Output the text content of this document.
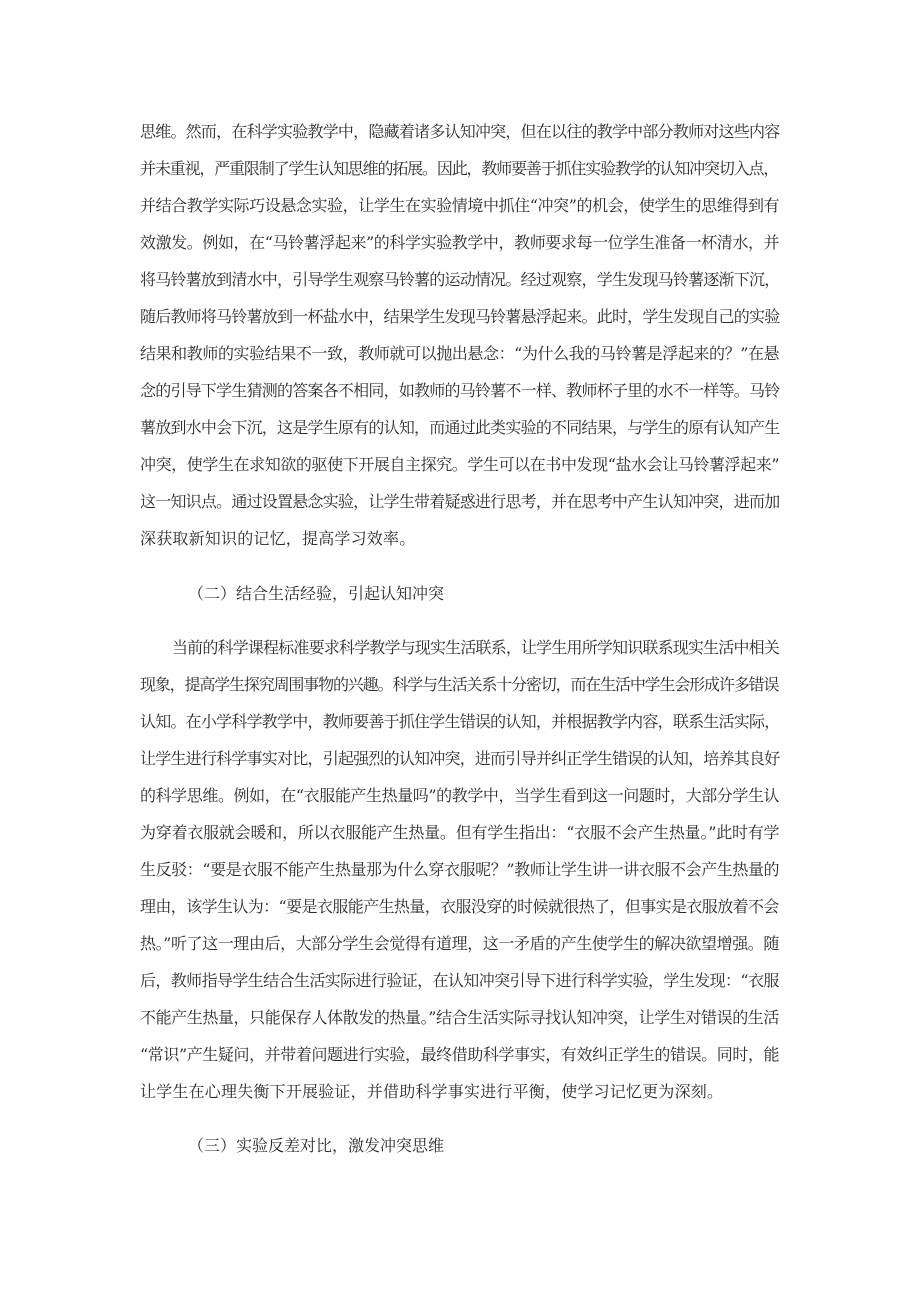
思维。然而，在科学实验教学中，隐藏着诸多认知冲突，但在以往的教学中部分教师对这些内容
并未重视，严重限制了学生认知思维的拓展。因此，教师要善于抓住实验教学的认知冲突切入点，
并结合教学实际巧设悬念实验，让学生在实验情境中抓住“冲突”的机会，使学生的思维得到有
效激发。例如，在“马铃薯浮起来”的科学实验教学中，教师要求每一位学生准备一杯清水，并
将马铃薯放到清水中，引导学生观察马铃薯的运动情况。经过观察，学生发现马铃薯逐渐下沉，
随后教师将马铃薯放到一杯盐水中，结果学生发现马铃薯悬浮起来。此时，学生发现自己的实验
结果和教师的实验结果不一致，教师就可以抛出悬念：“为什么我的马铃薯是浮起来的？”在悬
念的引导下学生猜测的答案各不相同，如教师的马铃薯不一样、教师杯子里的水不一样等。马铃
薯放到水中会下沉，这是学生原有的认知，而通过此类实验的不同结果，与学生的原有认知产生
冲突，使学生在求知欲的驱使下开展自主探究。学生可以在书中发现“盐水会让马铃薯浮起来”
这一知识点。通过设置悬念实验，让学生带着疑惑进行思考，并在思考中产生认知冲突，进而加
深获取新知识的记忆，提高学习效率。
（二）结合生活经验，引起认知冲突
当前的科学课程标准要求科学教学与现实生活联系，让学生用所学知识联系现实生活中相关
现象，提高学生探究周围事物的兴趣。科学与生活关系十分密切，而在生活中学生会形成许多错误
认知。在小学科学教学中，教师要善于抓住学生错误的认知，并根据教学内容，联系生活实际，
让学生进行科学事实对比，引起强烈的认知冲突，进而引导并纠正学生错误的认知，培养其良好
的科学思维。例如，在“衣服能产生热量吗”的教学中，当学生看到这一问题时，大部分学生认
为穿着衣服就会暖和，所以衣服能产生热量。但有学生指出：“衣服不会产生热量。”此时有学
生反驳：“要是衣服不能产生热量那为什么穿衣服呢？”教师让学生讲一讲衣服不会产生热量的
理由，该学生认为：“要是衣服能产生热量，衣服没穿的时候就很热了，但事实是衣服放着不会
热。”听了这一理由后，大部分学生会觉得有道理，这一矛盾的产生使学生的解决欲望增强。随
后，教师指导学生结合生活实际进行验证，在认知冲突引导下进行科学实验，学生发现：“衣服
不能产生热量，只能保存人体散发的热量。”结合生活实际寻找认知冲突，让学生对错误的生活
“常识”产生疑问，并带着问题进行实验，最终借助科学事实，有效纠正学生的错误。同时，能
让学生在心理失衡下开展验证，并借助科学事实进行平衡，使学习记忆更为深刻。
（三）实验反差对比，激发冲突思维
